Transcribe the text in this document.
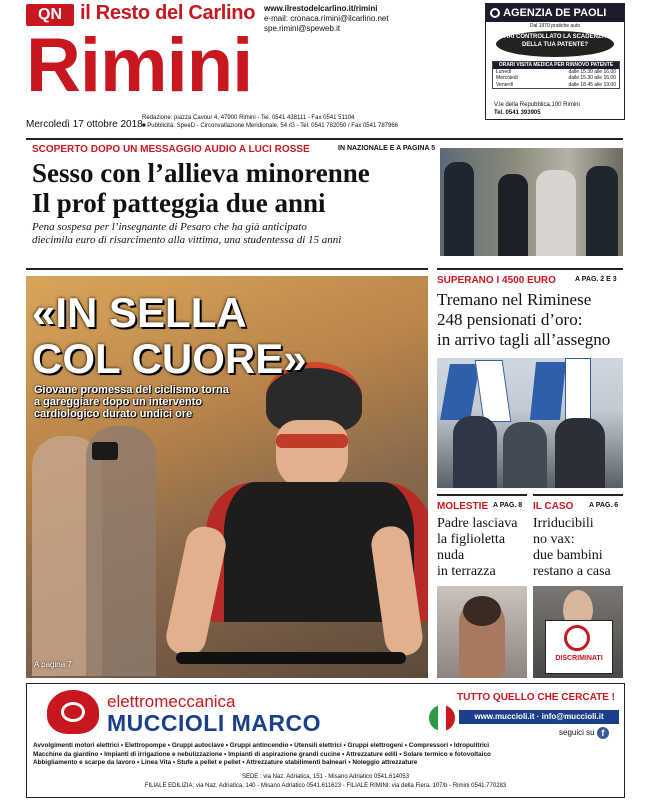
QN il Resto del Carlino www.ilrestodelcarlino.it/rimini
e-mail: cronaca.rimini@ilcarlino.net
spe.rimini@speweb.it
Rimini
Mercoledì 17 ottobre 2018
Redazione: piazza Cavour 4, 47900 Rimini - Tel. 0541 438111 - Fax 0541 51104
■ Pubblicità: SpeeD - Circonvallazione Meridionale, 54 /G - Tel. 0541 782050 / Fax 0541 787966
AGENZIA DE PAOLI
Dal 1970 pratiche auto
HAI CONTROLLATO LA SCADENZA DELLA TUA PATENTE?
ORARI VISITA MEDICA PER RINNOVO PATENTE
Lunedì	dalle 15.30 alle 16.00
Mercoledì	dalle 15.30 alle 16.00
Venerdì	dalle 18.45 alle 19.00
V.le della Repubblica,100 Rimini
Tel. 0541 393905
SCOPERTO DOPO UN MESSAGGIO AUDIO A LUCI ROSSE	IN NAZIONALE E A PAGINA 5
Sesso con l’allieva minorenne
Il prof patteggia due anni
Pena sospesa per l’insegnante di Pesaro che ha già anticipato
diecimila euro di risarcimento alla vittima, una studentessa di 15 anni
«IN SELLA
COL CUORE»
Giovane promessa del ciclismo torna
a gareggiare dopo un intervento
cardiologico durato undici ore
A pagina 7
SUPERANO I 4500 EURO	A PAG. 2 E 3
Tremano nel Riminese
248 pensionati d’oro:
in arrivo tagli all’assegno
MOLESTIE A PAG. 8
Padre lasciava
la figlioletta
nuda
in terrazza
IL CASO A PAG. 6
Irriducibili
no vax:
due bambini
restano a casa
DISCRIMINATI
elettromeccanica
MUCCIOLI MARCO
TUTTO QUELLO CHE CERCATE !
www.muccioli.it · info@muccioli.it
seguici su f
Avvolgimenti motori elettrici • Elettropompe • Gruppi autoclave • Gruppi antincendio • Utensili elettrici • Gruppi elettrogeni • Compressori • Idropulitrici
Macchine da giardino • Impianti di irrigazione e nebulizzazione • Impianti di aspirazione grandi cucine • Attrezzature edili • Solare termico e fotovoltaico
Abbigliamento e scarpe da lavoro • Linea Vita • Stufe a pellet e pellet • Attrezzature stabilimenti balneari • Noleggio attrezzature
SEDE : via Naz. Adriatica, 151 - Misano Adriatico 0541.614053
FILIALE EDILIZIA: via Naz. Adriatica, 140 - Misano Adriatico 0541.611623 - FILIALE RIMINI: via della Fiera, 107/b - Rimini 0541.770283
